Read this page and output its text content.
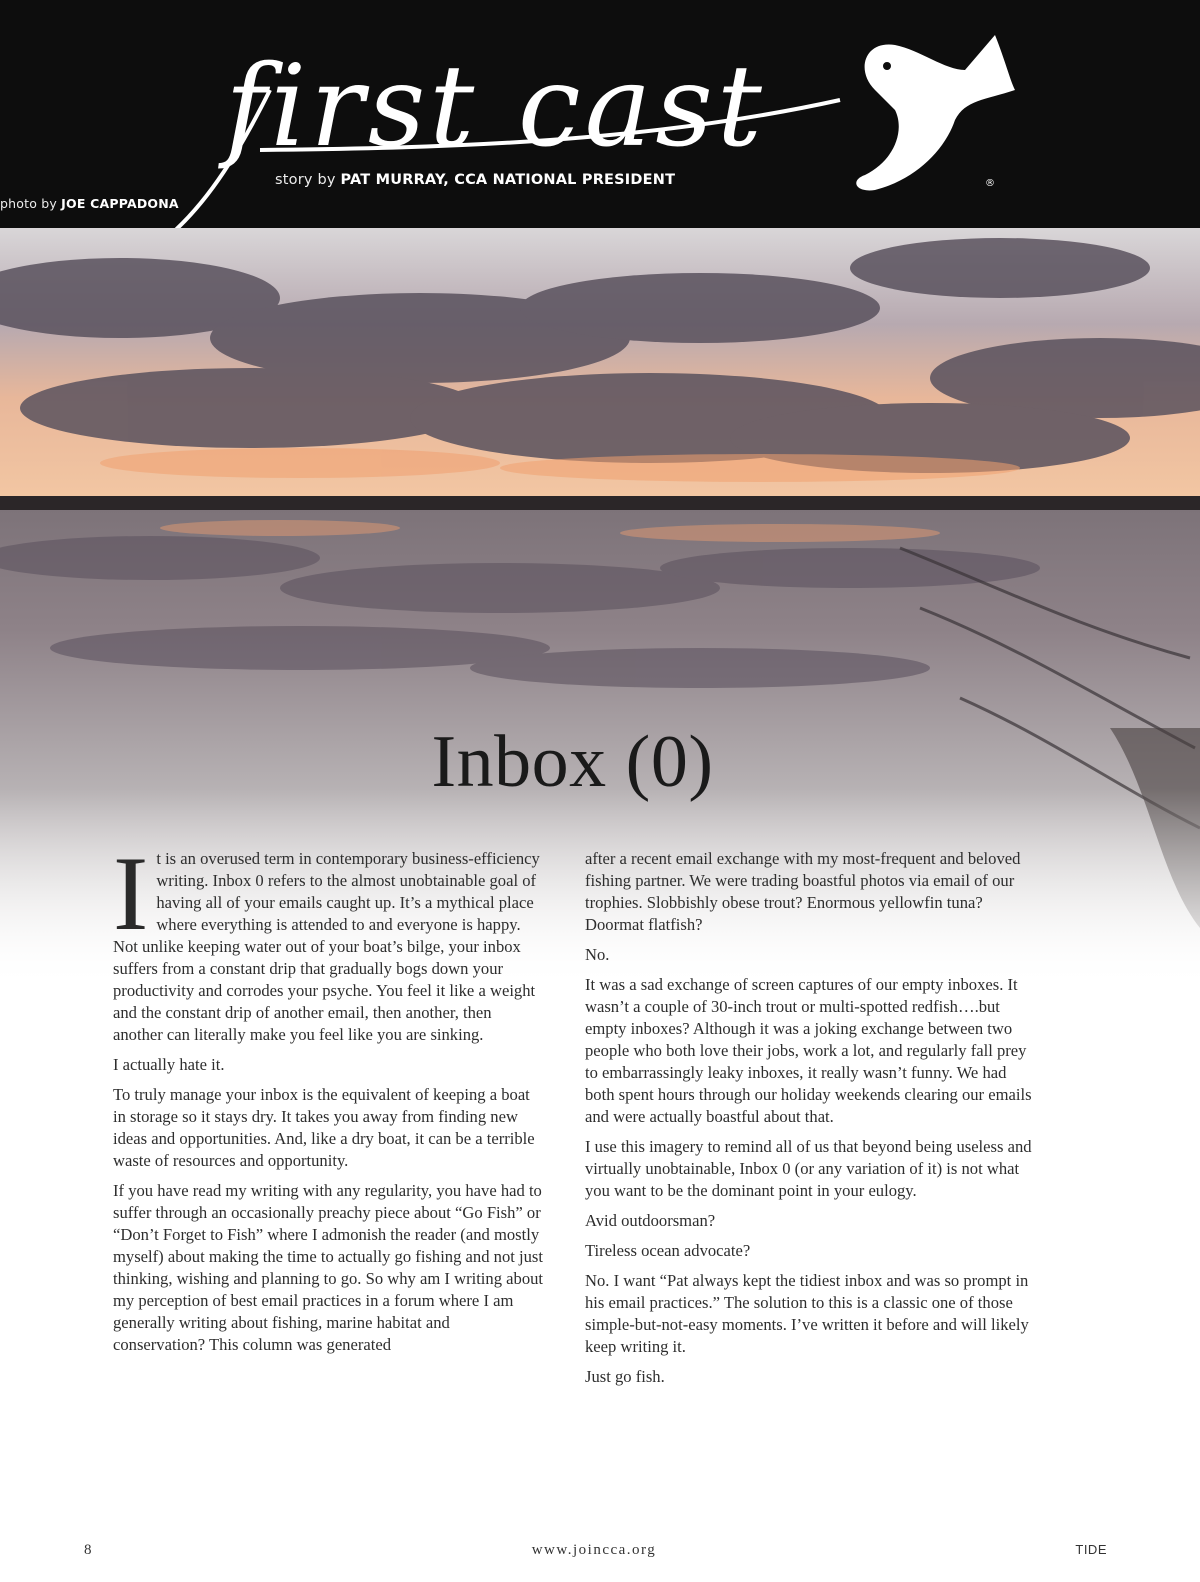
first cast
®
story by PAT MURRAY, CCA NATIONAL PRESIDENT
photo by JOE CAPPADONA
Inbox (0)

It is an overused term in contemporary business-efficiency writing. Inbox 0 refers to the almost unobtainable goal of having all of your emails caught up. It’s a mythical place where everything is attended to and everyone is happy. Not unlike keeping water out of your boat’s bilge, your inbox suffers from a constant drip that gradually bogs down your productivity and corrodes your psyche. You feel it like a weight and the constant drip of another email, then another, then another can literally make you feel like you are sinking.

I actually hate it.

To truly manage your inbox is the equivalent of keeping a boat in storage so it stays dry. It takes you away from finding new ideas and opportunities. And, like a dry boat, it can be a terrible waste of resources and opportunity.

If you have read my writing with any regularity, you have had to suffer through an occasionally preachy piece about “Go Fish” or “Don’t Forget to Fish” where I admonish the reader (and mostly myself) about making the time to actually go fishing and not just thinking, wishing and planning to go. So why am I writing about my perception of best email practices in a forum where I am generally writing about fishing, marine habitat and conservation? This column was generated

after a recent email exchange with my most-frequent and beloved fishing partner. We were trading boastful photos via email of our trophies. Slobbishly obese trout? Enormous yellowfin tuna? Doormat flatfish?

No.

It was a sad exchange of screen captures of our empty inboxes. It wasn’t a couple of 30-inch trout or multi-spotted redfish….but empty inboxes? Although it was a joking exchange between two people who both love their jobs, work a lot, and regularly fall prey to embarrassingly leaky inboxes, it really wasn’t funny. We had both spent hours through our holiday weekends clearing our emails and were actually boastful about that.

I use this imagery to remind all of us that beyond being useless and virtually unobtainable, Inbox 0 (or any variation of it) is not what you want to be the dominant point in your eulogy.

Avid outdoorsman?

Tireless ocean advocate?

No. I want “Pat always kept the tidiest inbox and was so prompt in his email practices.” The solution to this is a classic one of those simple-but-not-easy moments. I’ve written it before and will likely keep writing it.

Just go fish.

8	www.joincca.org	TIDE
